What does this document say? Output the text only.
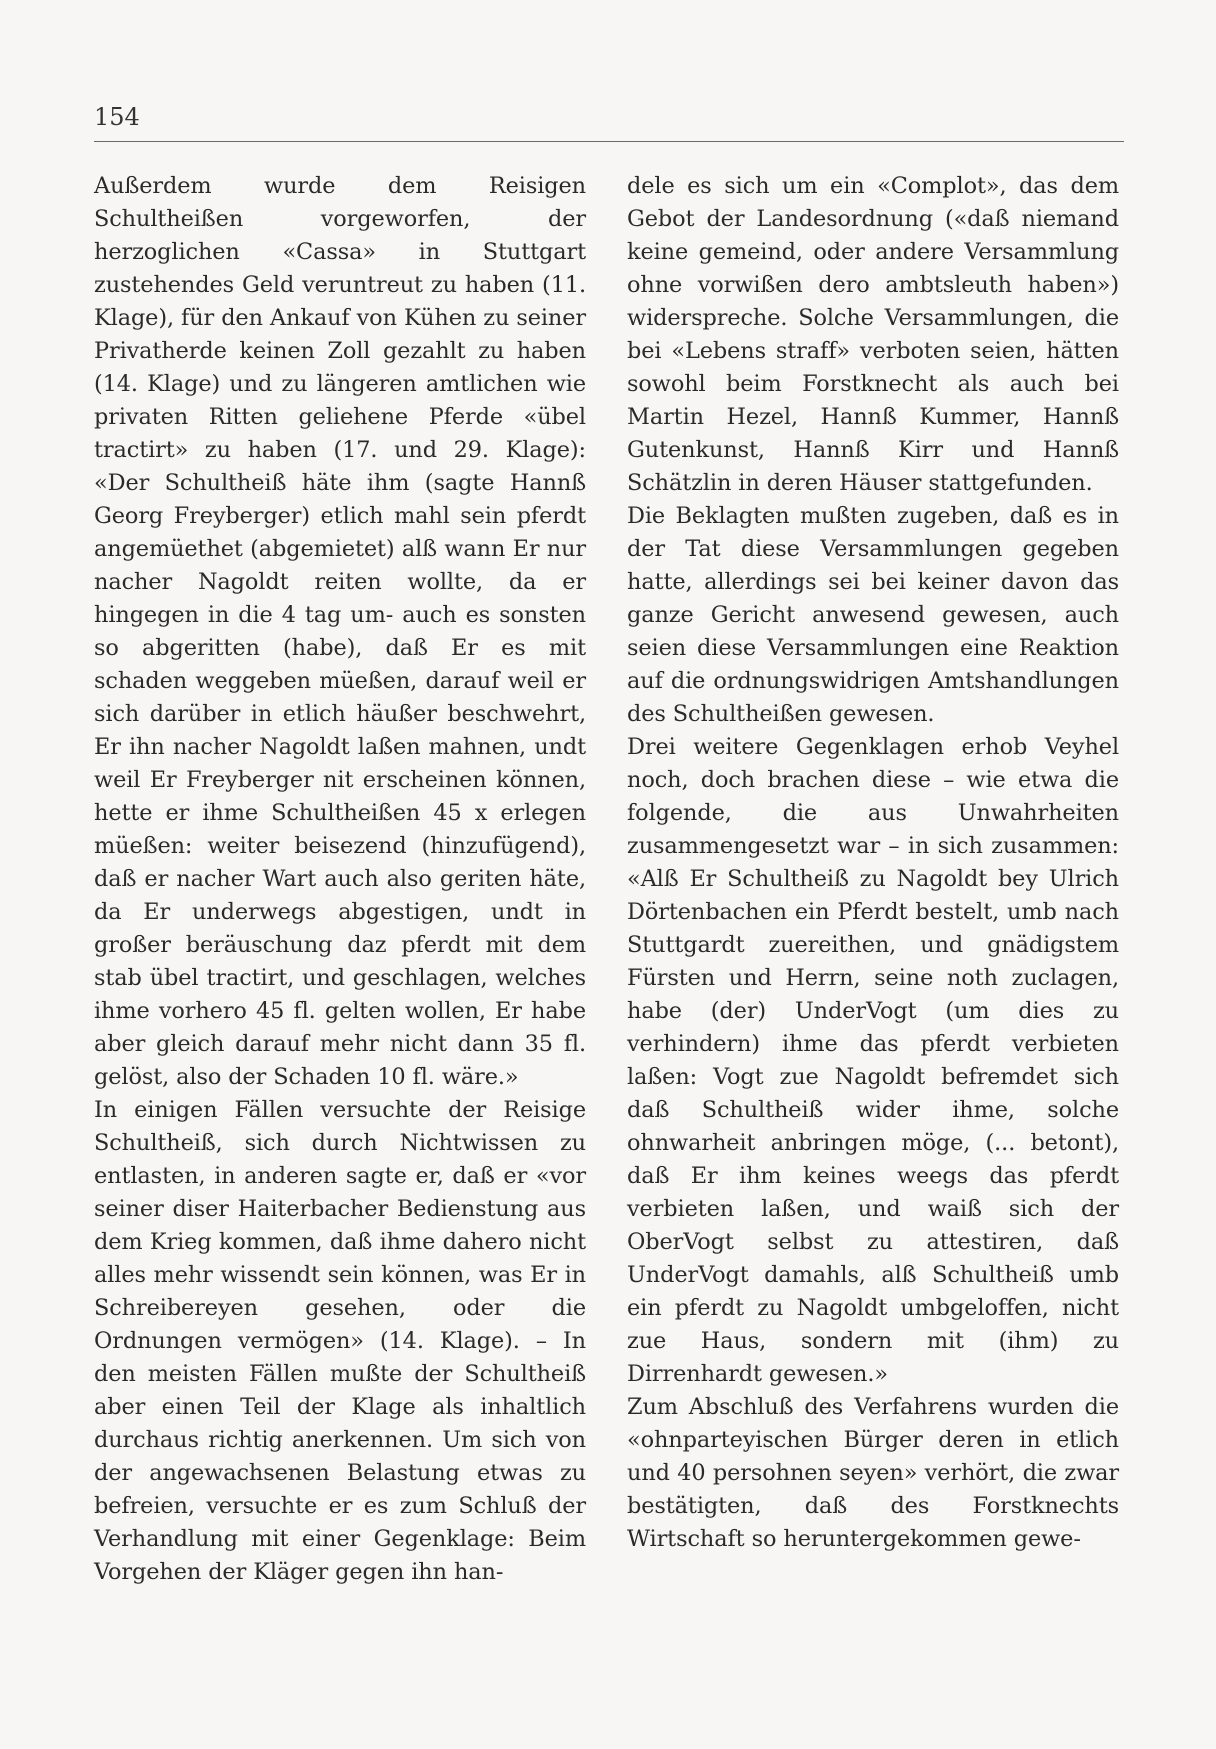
154

Außerdem wurde dem Reisigen Schultheißen vorgeworfen, der herzoglichen «Cassa» in Stuttgart zustehendes Geld veruntreut zu haben (11. Klage), für den Ankauf von Kühen zu seiner Privatherde keinen Zoll gezahlt zu haben (14. Klage) und zu längeren amtlichen wie privaten Ritten geliehene Pferde «übel tractirt» zu haben (17. und 29. Klage): «Der Schultheiß häte ihm (sagte Hannß Georg Freyberger) etlich mahl sein pferdt angemüethet (abgemietet) alß wann Er nur nacher Nagoldt reiten wollte, da er hingegen in die 4 tag um- auch es sonsten so abgeritten (habe), daß Er es mit schaden weggeben müeßen, darauf weil er sich darüber in etlich häußer beschwehrt, Er ihn nacher Nagoldt laßen mahnen, undt weil Er Freyberger nit erscheinen können, hette er ihme Schultheißen 45 x erlegen müeßen: weiter beisezend (hinzufügend), daß er nacher Wart auch also geriten häte, da Er underwegs abgestigen, undt in großer beräuschung daz pferdt mit dem stab übel tractirt, und geschlagen, welches ihme vorhero 45 fl. gelten wollen, Er habe aber gleich darauf mehr nicht dann 35 fl. gelöst, also der Schaden 10 fl. wäre.»

In einigen Fällen versuchte der Reisige Schultheiß, sich durch Nichtwissen zu entlasten, in anderen sagte er, daß er «vor seiner diser Haiterbacher Bedienstung aus dem Krieg kommen, daß ihme dahero nicht alles mehr wissendt sein können, was Er in Schreibereyen gesehen, oder die Ordnungen vermögen» (14. Klage). – In den meisten Fällen mußte der Schultheiß aber einen Teil der Klage als inhaltlich durchaus richtig anerkennen. Um sich von der angewachsenen Belastung etwas zu befreien, versuchte er es zum Schluß der Verhandlung mit einer Gegenklage: Beim Vorgehen der Kläger gegen ihn han-

dele es sich um ein «Complot», das dem Gebot der Landesordnung («daß niemand keine gemeind, oder andere Versammlung ohne vorwißen dero ambtsleuth haben») widerspreche. Solche Versammlungen, die bei «Lebens straff» verboten seien, hätten sowohl beim Forstknecht als auch bei Martin Hezel, Hannß Kummer, Hannß Gutenkunst, Hannß Kirr und Hannß Schätzlin in deren Häuser stattgefunden.

Die Beklagten mußten zugeben, daß es in der Tat diese Versammlungen gegeben hatte, allerdings sei bei keiner davon das ganze Gericht anwesend gewesen, auch seien diese Versammlungen eine Reaktion auf die ordnungswidrigen Amtshandlungen des Schultheißen gewesen.

Drei weitere Gegenklagen erhob Veyhel noch, doch brachen diese – wie etwa die folgende, die aus Unwahrheiten zusammengesetzt war – in sich zusammen: «Alß Er Schultheiß zu Nagoldt bey Ulrich Dörtenbachen ein Pferdt bestelt, umb nach Stuttgardt zuereithen, und gnädigstem Fürsten und Herrn, seine noth zuclagen, habe (der) UnderVogt (um dies zu verhindern) ihme das pferdt verbieten laßen: Vogt zue Nagoldt befremdet sich daß Schultheiß wider ihme, solche ohnwarheit anbringen möge, (... betont), daß Er ihm keines weegs das pferdt verbieten laßen, und waiß sich der OberVogt selbst zu attestiren, daß UnderVogt damahls, alß Schultheiß umb ein pferdt zu Nagoldt umbgeloffen, nicht zue Haus, sondern mit (ihm) zu Dirrenhardt gewesen.»

Zum Abschluß des Verfahrens wurden die «ohnparteyischen Bürger deren in etlich und 40 persohnen seyen» verhört, die zwar bestätigten, daß des Forstknechts Wirtschaft so heruntergekommen gewe-
